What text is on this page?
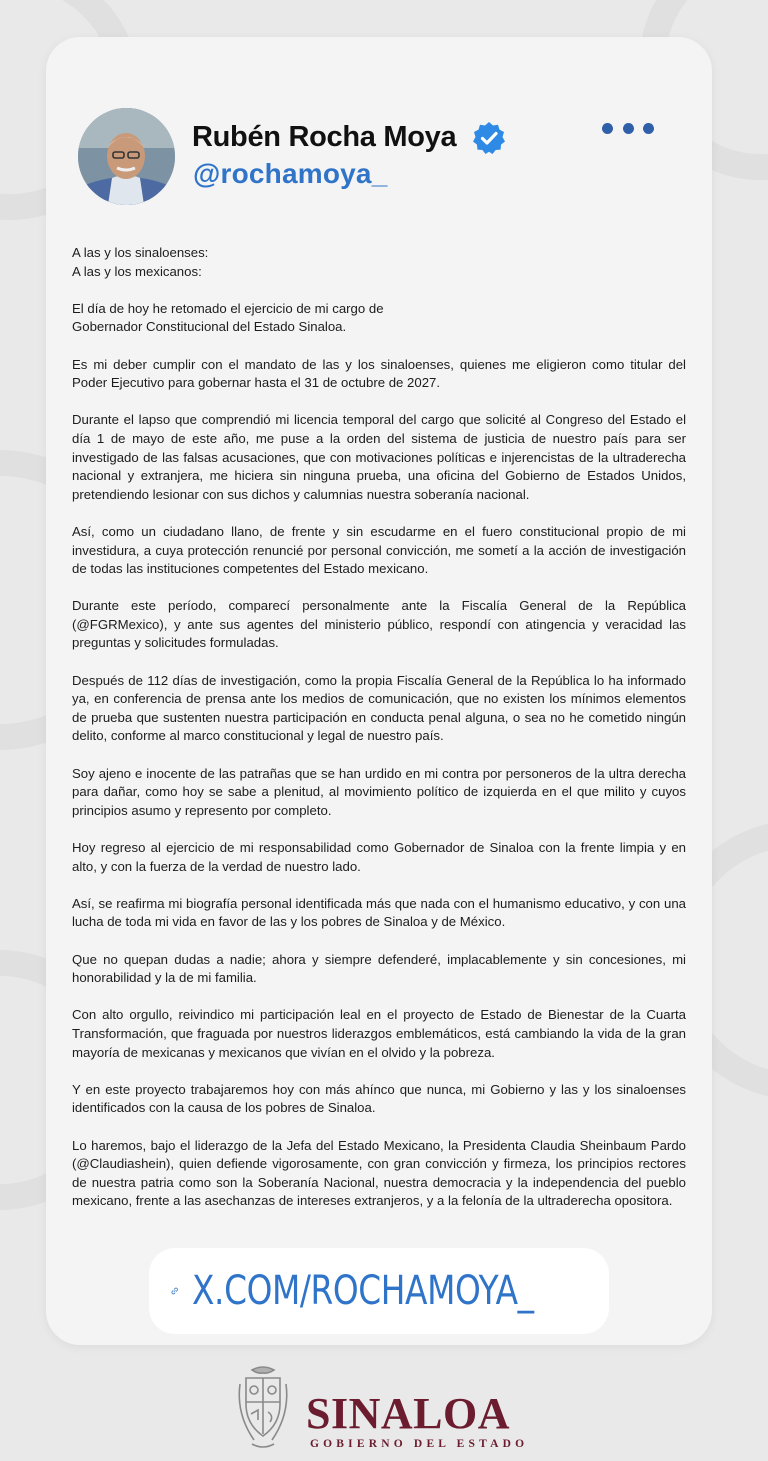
Rubén Rocha Moya
@rochamoya_

A las y los sinaloenses:

A las y los mexicanos:

El día de hoy he retomado el ejercicio de mi cargo de Gobernador Constitucional del Estado Sinaloa.

Es mi deber cumplir con el mandato de las y los sinaloenses, quienes me eligieron como titular del Poder Ejecutivo para gobernar hasta el 31 de octubre de 2027.

Durante el lapso que comprendió mi licencia temporal del cargo que solicité al Congreso del Estado el día 1 de mayo de este año, me puse a la orden del sistema de justicia de nuestro país para ser investigado de las falsas acusaciones, que con motivaciones políticas e injerencistas de la ultraderecha nacional y extranjera, me hiciera sin ninguna prueba, una oficina del Gobierno de Estados Unidos, pretendiendo lesionar con sus dichos y calumnias nuestra soberanía nacional.

Así, como un ciudadano llano, de frente y sin escudarme en el fuero constitucional propio de mi investidura, a cuya protección renuncié por personal convicción, me sometí a la acción de investigación de todas las instituciones competentes del Estado mexicano.

Durante este período, comparecí personalmente ante la Fiscalía General de la República (@FGRMexico), y ante sus agentes del ministerio público, respondí con atingencia y veracidad las preguntas y solicitudes formuladas.

Después de 112 días de investigación, como la propia Fiscalía General de la República lo ha informado ya, en conferencia de prensa ante los medios de comunicación, que no existen los mínimos elementos de prueba que sustenten nuestra participación en conducta penal alguna, o sea no he cometido ningún delito, conforme al marco constitucional y legal de nuestro país.

Soy ajeno e inocente de las patrañas que se han urdido en mi contra por personeros de la ultra derecha para dañar, como hoy se sabe a plenitud, al movimiento político de izquierda en el que milito y cuyos principios asumo y represento por completo.

Hoy regreso al ejercicio de mi responsabilidad como Gobernador de Sinaloa con la frente limpia y en alto, y con la fuerza de la verdad de nuestro lado.

Así, se reafirma mi biografía personal identificada más que nada con el humanismo educativo, y con una lucha de toda mi vida en favor de las y los pobres de Sinaloa y de México.

Que no quepan dudas a nadie; ahora y siempre defenderé, implacablemente y sin concesiones, mi honorabilidad y la de mi familia.

Con alto orgullo, reivindico mi participación leal en el proyecto de Estado de Bienestar de la Cuarta Transformación, que fraguada por nuestros liderazgos emblemáticos, está cambiando la vida de la gran mayoría de mexicanas y mexicanos que vivían en el olvido y la pobreza.

Y en este proyecto trabajaremos hoy con más ahínco que nunca, mi Gobierno y las y los sinaloenses identificados con la causa de los pobres de Sinaloa.

Lo haremos, bajo el liderazgo de la Jefa del Estado Mexicano, la Presidenta Claudia Sheinbaum Pardo (@Claudiashein), quien defiende vigorosamente, con gran convicción y firmeza, los principios rectores de nuestra patria como son la Soberanía Nacional, nuestra democracia y la independencia del pueblo mexicano, frente a las asechanzas de intereses extranjeros, y a la felonía de la ultraderecha opositora.

X.COM/ROCHAMOYA_
SINALOA
GOBIERNO DEL ESTADO
